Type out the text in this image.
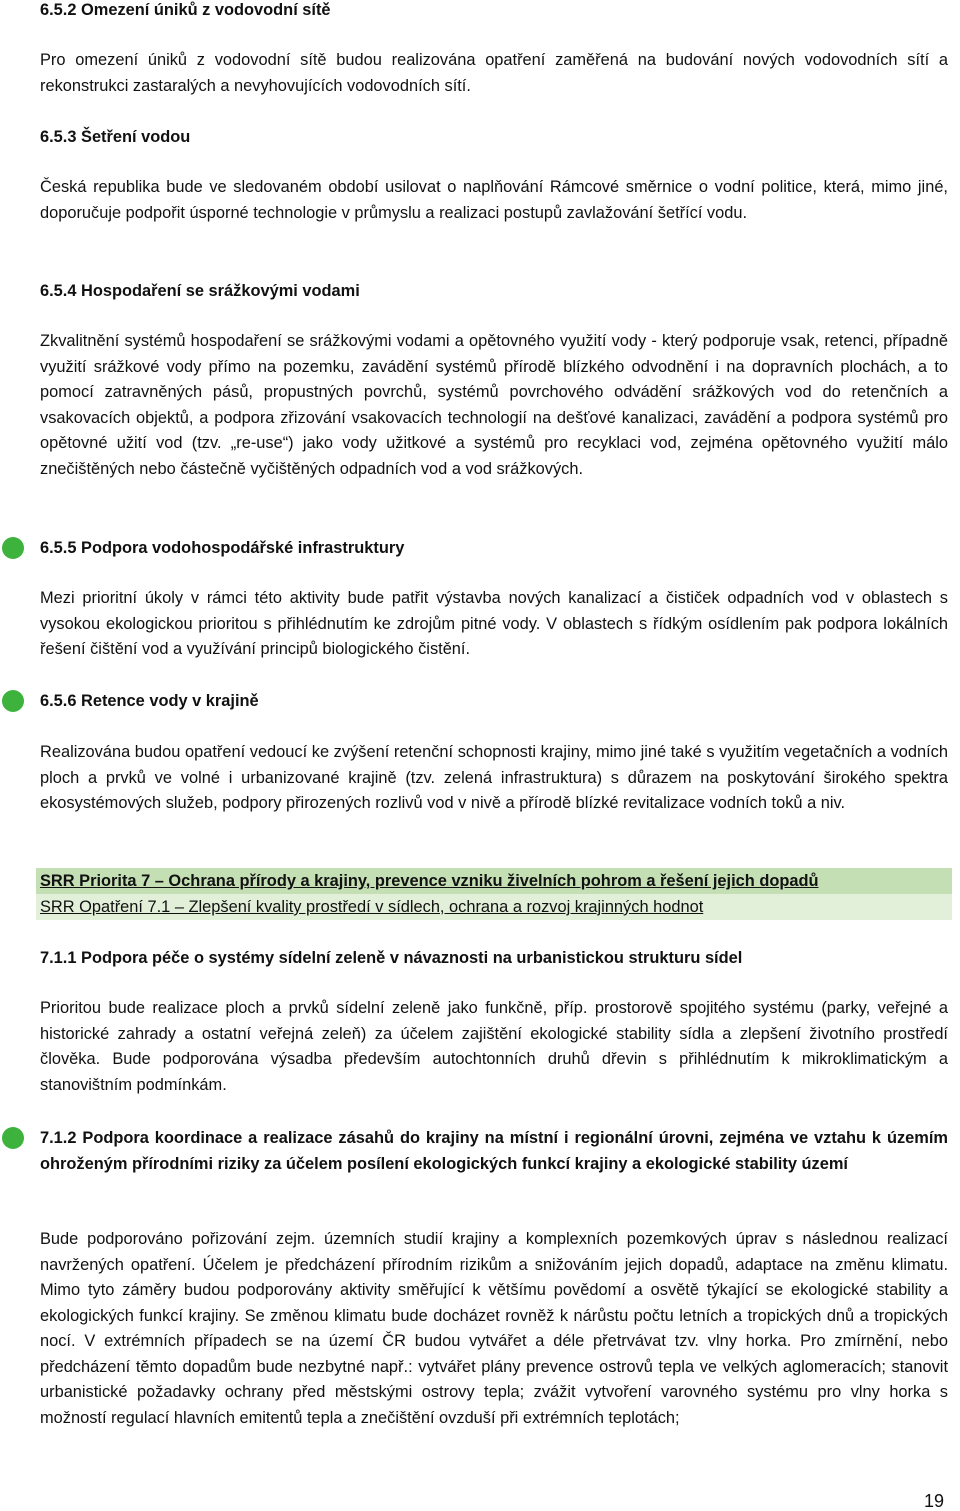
6.5.2 Omezení úniků z vodovodní sítě

Pro omezení úniků z vodovodní sítě budou realizována opatření zaměřená na budování nových vodovodních sítí a rekonstrukci zastaralých a nevyhovujících vodovodních sítí.

6.5.3 Šetření vodou

Česká republika bude ve sledovaném období usilovat o naplňování Rámcové směrnice o vodní politice, která, mimo jiné, doporučuje podpořit úsporné technologie v průmyslu a realizaci postupů zavlažování šetřící vodu.

6.5.4 Hospodaření se srážkovými vodami

Zkvalitnění systémů hospodaření se srážkovými vodami a opětovného využití vody - který podporuje vsak, retenci, případně využití srážkové vody přímo na pozemku, zavádění systémů přírodě blízkého odvodnění i na dopravních plochách, a to pomocí zatravněných pásů, propustných povrchů, systémů povrchového odvádění srážkových vod do retenčních a vsakovacích objektů, a podpora zřizování vsakovacích technologií na dešťové kanalizaci, zavádění a podpora systémů pro opětovné užití vod (tzv. „re-use“) jako vody užitkové a systémů pro recyklaci vod, zejména opětovného využití málo znečištěných nebo částečně vyčištěných odpadních vod a vod srážkových.

6.5.5 Podpora vodohospodářské infrastruktury

Mezi prioritní úkoly v rámci této aktivity bude patřit výstavba nových kanalizací a čističek odpadních vod v oblastech s vysokou ekologickou prioritou s přihlédnutím ke zdrojům pitné vody. V oblastech s řídkým osídlením pak podpora lokálních řešení čištění vod a využívání principů biologického čistění.

6.5.6 Retence vody v krajině

Realizována budou opatření vedoucí ke zvýšení retenční schopnosti krajiny, mimo jiné také s využitím vegetačních a vodních ploch a prvků ve volné i urbanizované krajině (tzv. zelená infrastruktura) s důrazem na poskytování širokého spektra ekosystémových služeb, podpory přirozených rozlivů vod v nivě a přírodě blízké revitalizace vodních toků a niv.

SRR Priorita 7 – Ochrana přírody a krajiny, prevence vzniku živelních pohrom a řešení jejich dopadů
SRR Opatření 7.1 – Zlepšení kvality prostředí v sídlech, ochrana a rozvoj krajinných hodnot
7.1.1 Podpora péče o systémy sídelní zeleně v návaznosti na urbanistickou strukturu sídel

Prioritou bude realizace ploch a prvků sídelní zeleně jako funkčně, příp. prostorově spojitého systému (parky, veřejné a historické zahrady a ostatní veřejná zeleň) za účelem zajištění ekologické stability sídla a zlepšení životního prostředí člověka. Bude podporována výsadba především autochtonních druhů dřevin s přihlédnutím k mikroklimatickým a stanovištním podmínkám.

7.1.2 Podpora koordinace a realizace zásahů do krajiny na místní i regionální úrovni, zejména ve vztahu k územím ohroženým přírodními riziky za účelem posílení ekologických funkcí krajiny a ekologické stability území

Bude podporováno pořizování zejm. územních studií krajiny a komplexních pozemkových úprav s následnou realizací navržených opatření. Účelem je předcházení přírodním rizikům a snižováním jejich dopadů, adaptace na změnu klimatu. Mimo tyto záměry budou podporovány aktivity směřující k většímu povědomí a osvětě týkající se ekologické stability a ekologických funkcí krajiny. Se změnou klimatu bude docházet rovněž k nárůstu počtu letních a tropických dnů a tropických nocí. V extrémních případech se na území ČR budou vytvářet a déle přetrvávat tzv. vlny horka. Pro zmírnění, nebo předcházení těmto dopadům bude nezbytné např.: vytvářet plány prevence ostrovů tepla ve velkých aglomeracích; stanovit urbanistické požadavky ochrany před městskými ostrovy tepla; zvážit vytvoření varovného systému pro vlny horka s možností regulací hlavních emitentů tepla a znečištění ovzduší při extrémních teplotách;

19
